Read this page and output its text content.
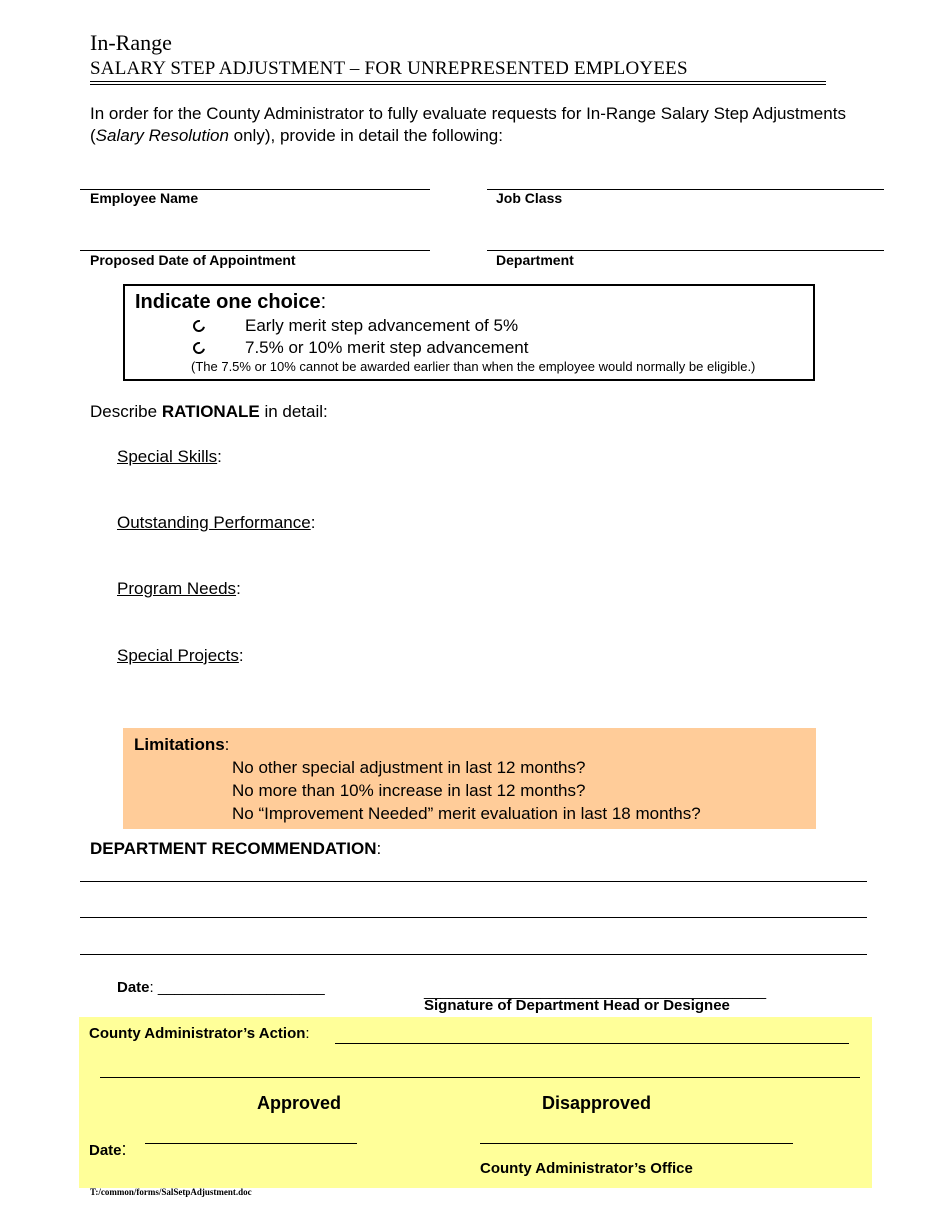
In-Range
SALARY STEP ADJUSTMENT – FOR UNREPRESENTED EMPLOYEES
In order for the County Administrator to fully evaluate requests for In-Range Salary Step Adjustments (Salary Resolution only), provide in detail the following:
Employee Name	Job Class
Proposed Date of Appointment	Department
Indicate one choice:
Early merit step advancement of 5%
7.5% or 10% merit step advancement
(The 7.5% or 10% cannot be awarded earlier than when the employee would normally be eligible.)
Describe RATIONALE in detail:
Special Skills:
Outstanding Performance:
Program Needs:
Special Projects:
Limitations:
No other special adjustment in last 12 months?
No more than 10% increase in last 12 months?
No “Improvement Needed” merit evaluation in last 18 months?
DEPARTMENT RECOMMENDATION:
Date: ____________________	_________________________________________
Signature of Department Head or Designee
County Administrator’s Action:
Approved	Disapproved
Date:
County Administrator’s Office
T:/common/forms/SalSetpAdjustment.doc
